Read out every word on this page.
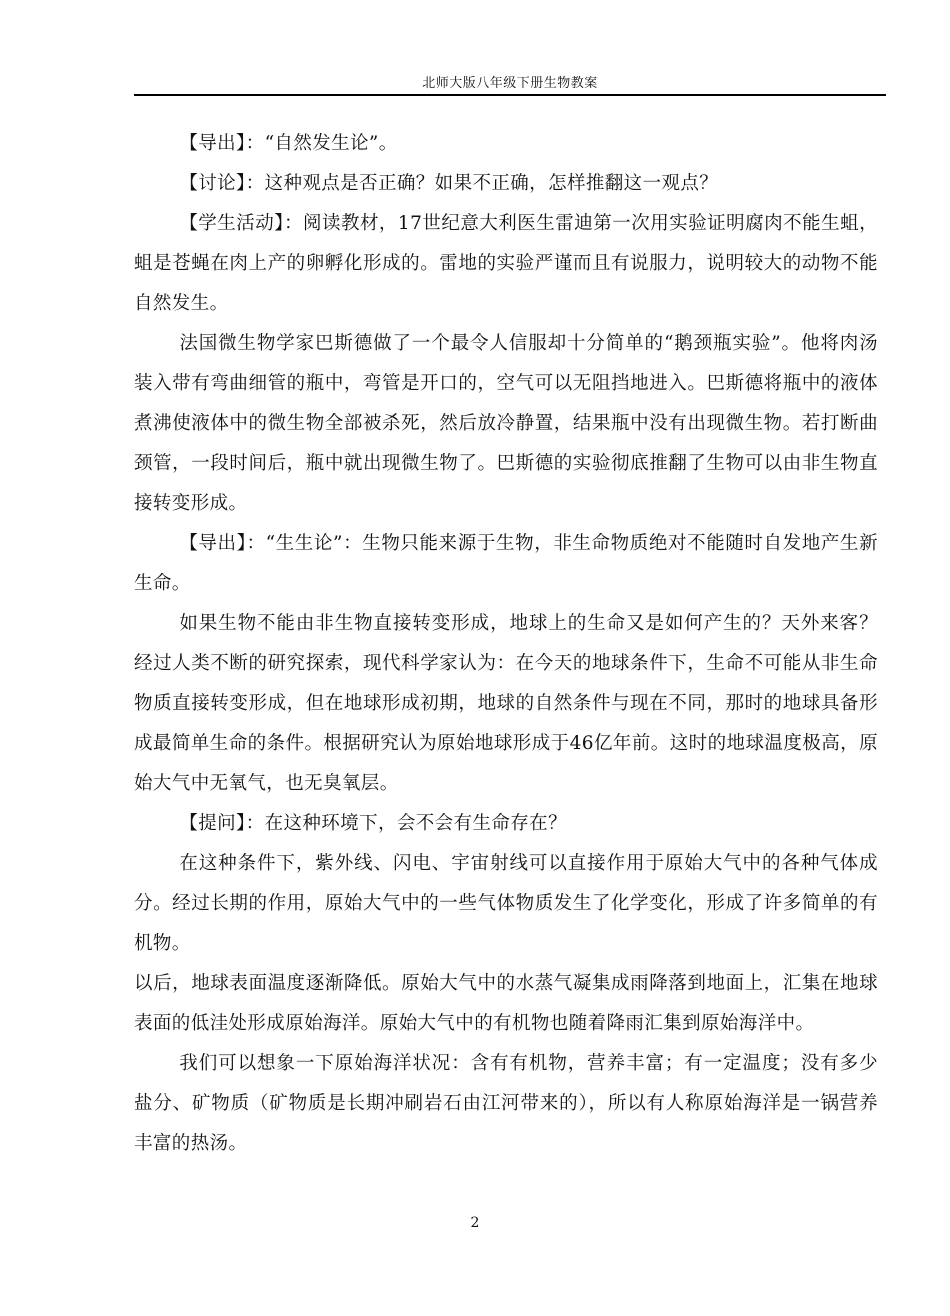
北师大版八年级下册生物教案

【导出】：“自然发生论”。

【讨论】：这种观点是否正确？如果不正确，怎样推翻这一观点？

【学生活动】：阅读教材，17世纪意大利医生雷迪第一次用实验证明腐肉不能生蛆，蛆是苍蝇在肉上产的卵孵化形成的。雷地的实验严谨而且有说服力，说明较大的动物不能自然发生。

法国微生物学家巴斯德做了一个最令人信服却十分简单的“鹅颈瓶实验”。他将肉汤装入带有弯曲细管的瓶中，弯管是开口的，空气可以无阻挡地进入。巴斯德将瓶中的液体煮沸使液体中的微生物全部被杀死，然后放冷静置，结果瓶中没有出现微生物。若打断曲颈管，一段时间后，瓶中就出现微生物了。巴斯德的实验彻底推翻了生物可以由非生物直接转变形成。

【导出】：“生生论”：生物只能来源于生物，非生命物质绝对不能随时自发地产生新生命。

如果生物不能由非生物直接转变形成，地球上的生命又是如何产生的？天外来客？经过人类不断的研究探索，现代科学家认为：在今天的地球条件下，生命不可能从非生命物质直接转变形成，但在地球形成初期，地球的自然条件与现在不同，那时的地球具备形成最简单生命的条件。根据研究认为原始地球形成于46亿年前。这时的地球温度极高，原始大气中无氧气，也无臭氧层。

【提问】：在这种环境下，会不会有生命存在？

在这种条件下，紫外线、闪电、宇宙射线可以直接作用于原始大气中的各种气体成分。经过长期的作用，原始大气中的一些气体物质发生了化学变化，形成了许多简单的有机物。

以后，地球表面温度逐渐降低。原始大气中的水蒸气凝集成雨降落到地面上，汇集在地球表面的低洼处形成原始海洋。原始大气中的有机物也随着降雨汇集到原始海洋中。

我们可以想象一下原始海洋状况：含有有机物，营养丰富；有一定温度；没有多少盐分、矿物质（矿物质是长期冲刷岩石由江河带来的），所以有人称原始海洋是一锅营养丰富的热汤。

2
